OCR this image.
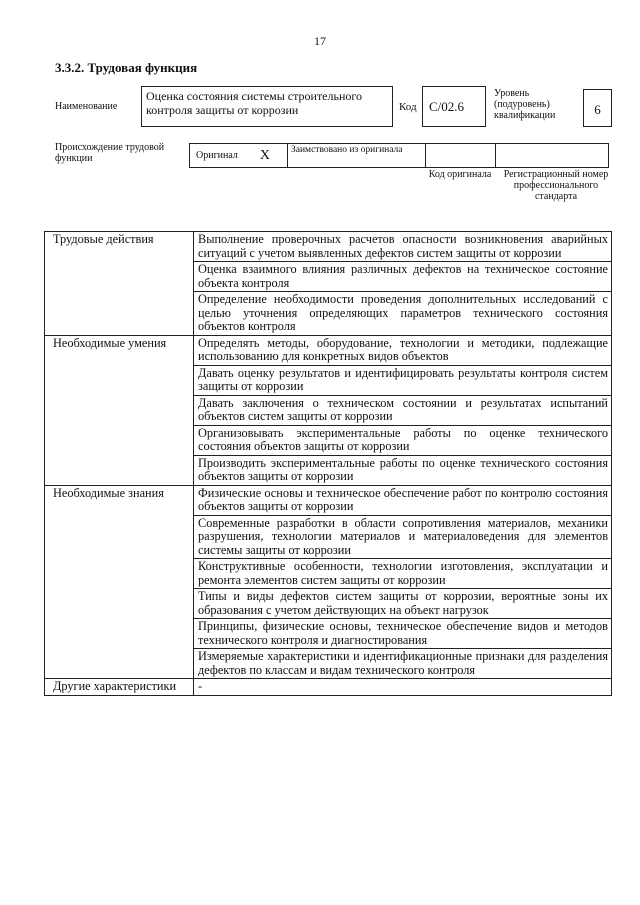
17
3.3.2. Трудовая функция
Наименование
Оценка состояния системы строительного контроля защиты от коррозии	Код C/02.6
Уровень (подуровень) квалификации	6
Происхождение трудовой функции	Оригинал X	Заимствовано из оригинала
Код оригинала	Регистрационный номер профессионального стандарта
Трудовые действия	Выполнение проверочных расчетов опасности возникновения аварийных ситуаций с учетом выявленных дефектов систем защиты от коррозии
	Оценка взаимного влияния различных дефектов на техническое состояние объекта контроля
	Определение необходимости проведения дополнительных исследований с целью уточнения определяющих параметров технического состояния объектов контроля
Необходимые умения	Определять методы, оборудование, технологии и методики, подлежащие использованию для конкретных видов объектов
	Давать оценку результатов и идентифицировать результаты контроля систем защиты от коррозии
	Давать заключения о техническом состоянии и результатах испытаний объектов систем защиты от коррозии
	Организовывать экспериментальные работы по оценке технического состояния объектов защиты от коррозии
	Производить экспериментальные работы по оценке технического состояния объектов защиты от коррозии
Необходимые знания	Физические основы и техническое обеспечение работ по контролю состояния объектов защиты от коррозии
	Современные разработки в области сопротивления материалов, механики разрушения, технологии материалов и материаловедения для элементов системы защиты от коррозии
	Конструктивные особенности, технологии изготовления, эксплуатации и ремонта элементов систем защиты от коррозии
	Типы и виды дефектов систем защиты от коррозии, вероятные зоны их образования с учетом действующих на объект нагрузок
	Принципы, физические основы, техническое обеспечение видов и методов технического контроля и диагностирования
	Измеряемые характеристики и идентификационные признаки для разделения дефектов по классам и видам технического контроля
Другие характеристики	-
